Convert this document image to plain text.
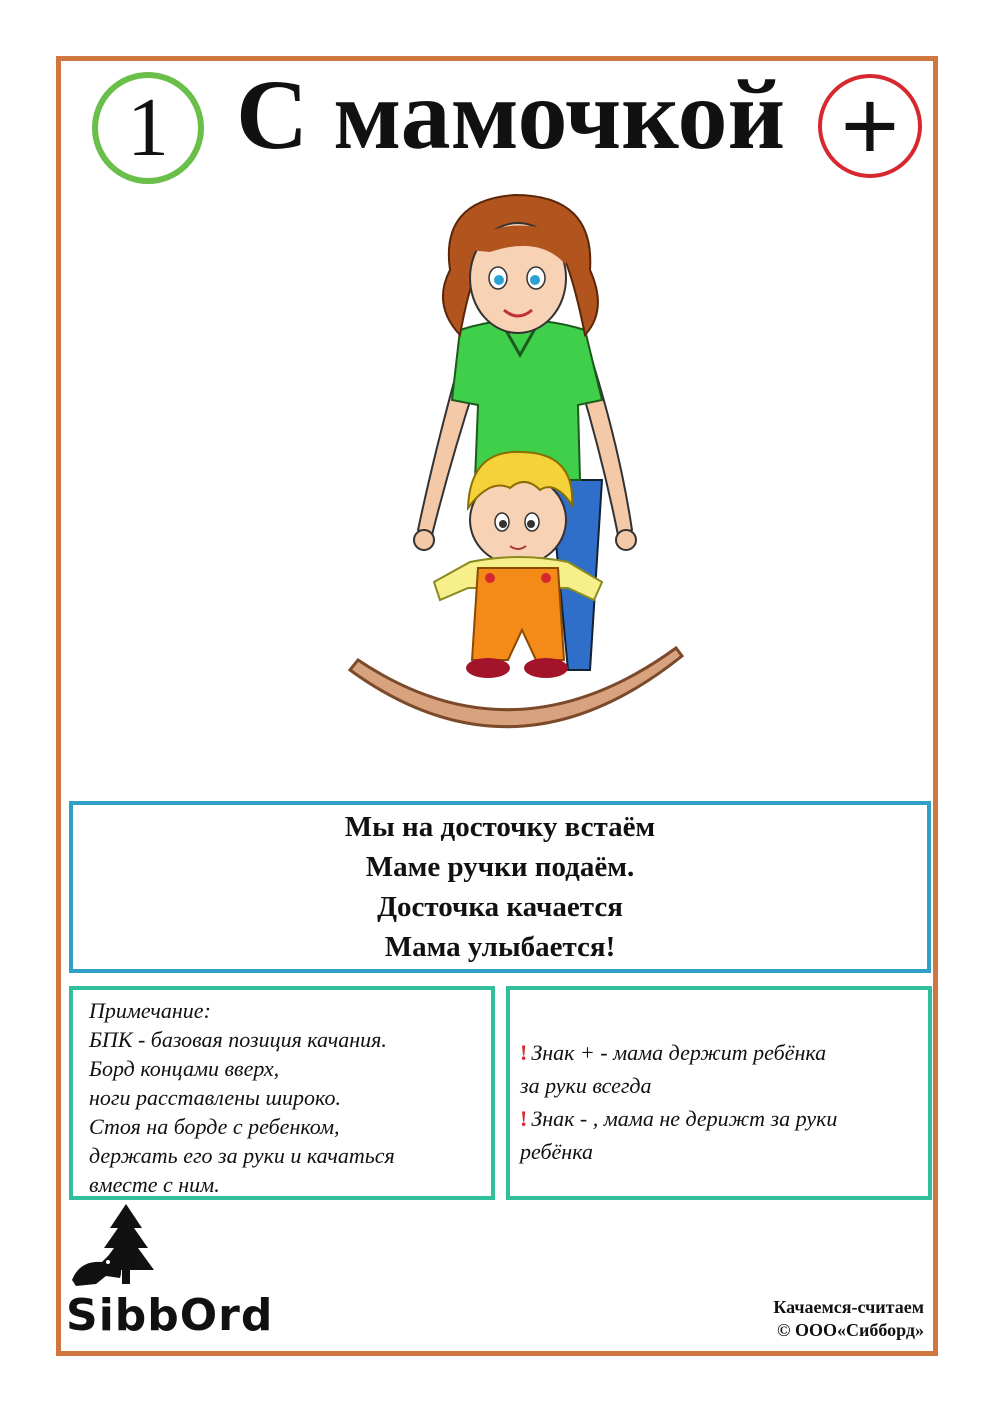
1 С мамочкой +
Мы на досточку встаём
Маме ручки подаём.
Досточка качается
Мама улыбается!
Примечание:
БПК - базовая позиция качания.
Борд концами вверх,
ноги расставлены широко.
Стоя на борде с ребенком,
держать его за руки и качаться
вместе с ним.
! Знак + - мама держит ребёнка
за руки всегда
! Знак - , мама не дерижт за руки
ребёнка
SibbOrd	Качаемся-считаем
© ООО«Сибборд»
